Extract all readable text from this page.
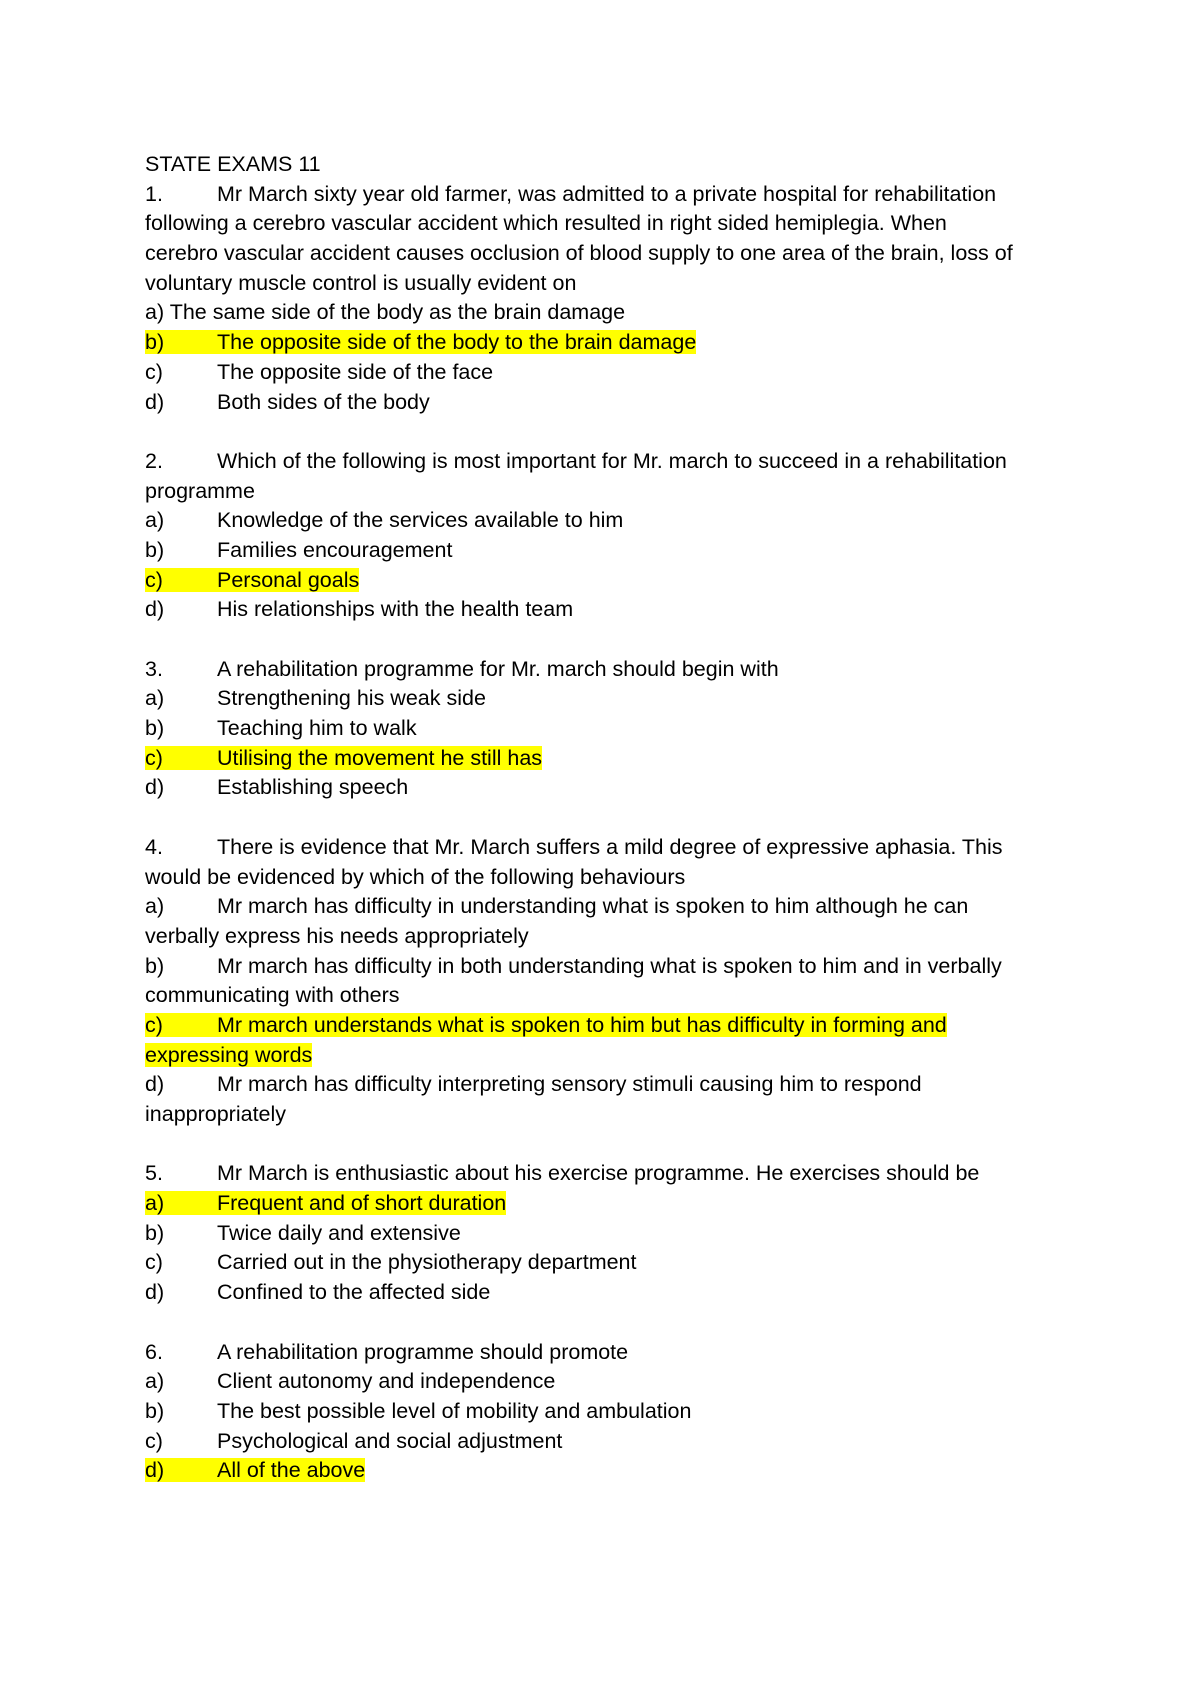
STATE EXAMS 11
1.	Mr March sixty year old farmer, was admitted to a private hospital for rehabilitation
following a cerebro vascular accident which resulted in right sided hemiplegia. When
cerebro vascular accident causes occlusion of blood supply to one area of the brain, loss of
voluntary muscle control is usually evident on
a) The same side of the body as the brain damage
b) The opposite side of the body to the brain damage
c)	The opposite side of the face
d) Both sides of the body
2.	Which of the following is most important for Mr. march to succeed in a rehabilitation
programme
a) Knowledge of the services available to him
b) Families encouragement
c)	Personal goals
d) His relationships with the health team
3.	A rehabilitation programme for Mr. march should begin with
a) Strengthening his weak side
b) Teaching him to walk
c)	Utilising the movement he still has
d) Establishing speech
4.	There is evidence that Mr. March suffers a mild degree of expressive aphasia. This
would be evidenced by which of the following behaviours
a) Mr march has difficulty in understanding what is spoken to him although he can
verbally express his needs appropriately
b) Mr march has difficulty in both understanding what is spoken to him and in verbally
communicating with others
c)	Mr march understands what is spoken to him but has difficulty in forming and
expressing words
d) Mr march has difficulty interpreting sensory stimuli causing him to respond
inappropriately
5.	Mr March is enthusiastic about his exercise programme. He exercises should be
a) Frequent and of short duration
b) Twice daily and extensive
c)	Carried out in the physiotherapy department
d) Confined to the affected side
6.	A rehabilitation programme should promote
a) Client autonomy and independence
b) The best possible level of mobility and ambulation
c)	Psychological and social adjustment
d) All of the above
